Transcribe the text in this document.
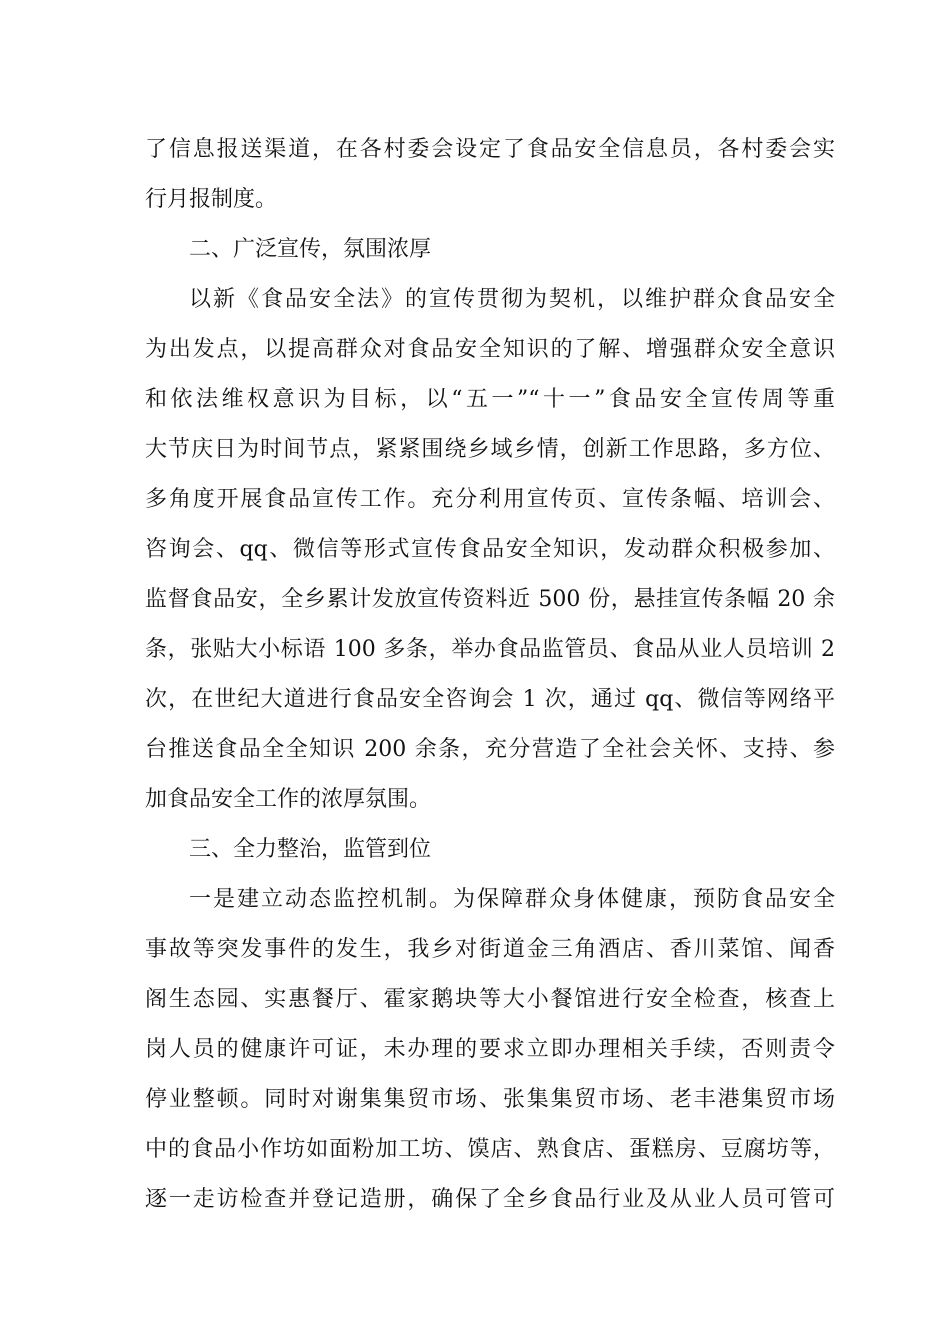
了信息报送渠道，在各村委会设定了食品安全信息员，各村委会实
行月报制度。
二、广泛宣传，氛围浓厚
以新《食品安全法》的宣传贯彻为契机，以维护群众食品安全
为出发点，以提高群众对食品安全知识的了解、增强群众安全意识
和依法维权意识为目标，以“五一”“十一”食品安全宣传周等重
大节庆日为时间节点，紧紧围绕乡域乡情，创新工作思路，多方位、
多角度开展食品宣传工作。充分利用宣传页、宣传条幅、培训会、
咨询会、qq、微信等形式宣传食品安全知识，发动群众积极参加、
监督食品安，全乡累计发放宣传资料近 500 份，悬挂宣传条幅 20 余
条，张贴大小标语 100 多条，举办食品监管员、食品从业人员培训 2
次，在世纪大道进行食品安全咨询会 1 次，通过 qq、微信等网络平
台推送食品全全知识 200 余条，充分营造了全社会关怀、支持、参
加食品安全工作的浓厚氛围。
三、全力整治，监管到位
一是建立动态监控机制。为保障群众身体健康，预防食品安全
事故等突发事件的发生，我乡对街道金三角酒店、香川菜馆、闻香
阁生态园、实惠餐厅、霍家鹅块等大小餐馆进行安全检查，核查上
岗人员的健康许可证，未办理的要求立即办理相关手续，否则责令
停业整顿。同时对谢集集贸市场、张集集贸市场、老丰港集贸市场
中的食品小作坊如面粉加工坊、馍店、熟食店、蛋糕房、豆腐坊等，
逐一走访检查并登记造册，确保了全乡食品行业及从业人员可管可
